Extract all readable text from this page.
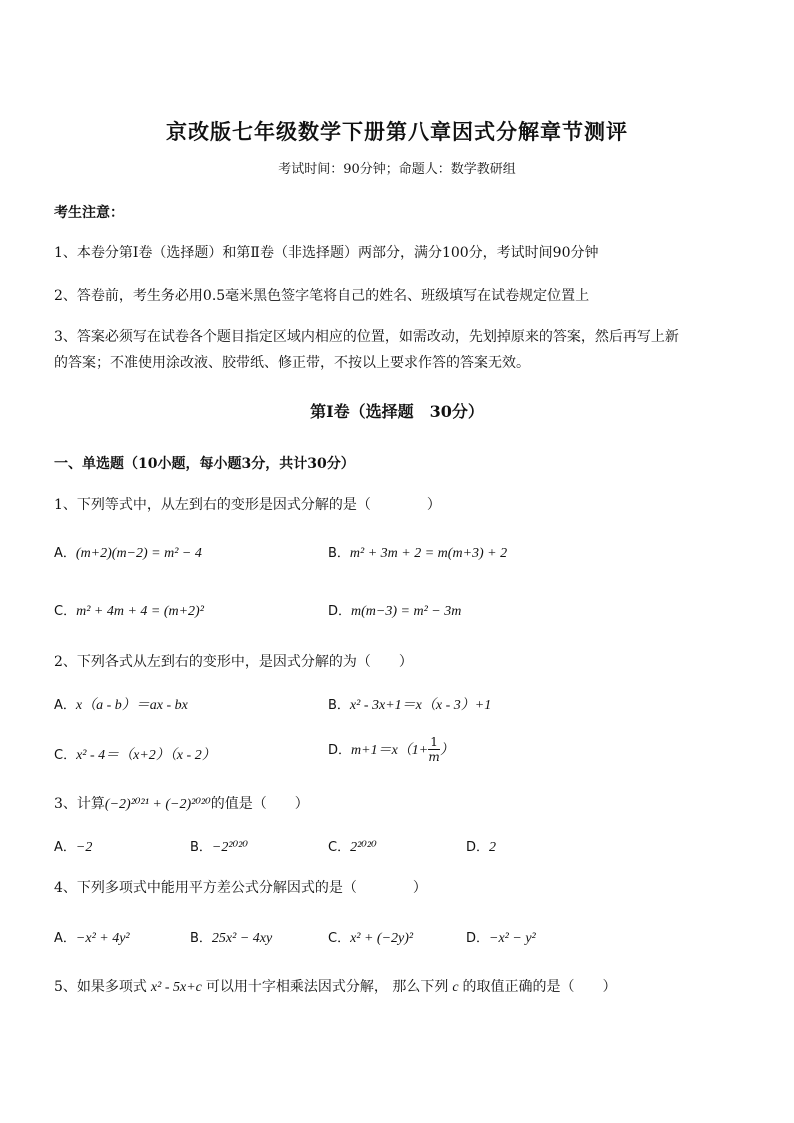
京改版七年级数学下册第八章因式分解章节测评
考试时间：90分钟；命题人：数学教研组
考生注意：
1、本卷分第Ⅰ卷（选择题）和第Ⅱ卷（非选择题）两部分，满分100分，考试时间90分钟
2、答卷前，考生务必用0.5毫米黑色签字笔将自己的姓名、班级填写在试卷规定位置上
3、答案必须写在试卷各个题目指定区域内相应的位置，如需改动，先划掉原来的答案，然后再写上新
的答案；不准使用涂改液、胶带纸、修正带，不按以上要求作答的答案无效。
第Ⅰ卷（选择题　30分）
一、单选题（10小题，每小题3分，共计30分）
1、下列等式中，从左到右的变形是因式分解的是（　　　　）
A．(m+2)(m−2) = m² − 4	B．m² + 3m + 2 = m(m+3) + 2
C．m² + 4m + 4 = (m+2)²	D．m(m−3) = m² − 3m
2、下列各式从左到右的变形中，是因式分解的为（　　）
A．x（a - b）＝ax - bx	B．x² - 3x+1＝x（x - 3）+1
C．x² - 4＝（x+2）（x - 2）	D．$m+1=x(1+ \frac{1}{m}$ ）
3、计算(−2)²⁰²¹ + (−2)²⁰²⁰的值是（　　）
A．−2	B．−2²⁰²⁰	C．2²⁰²⁰	D．2
4、下列多项式中能用平方差公式分解因式的是（　　　　）
A．−x² + 4y²	B．25x² − 4xy	C．x² + (−2y)²	D．−x² − y²
5、如果多项式 x² - 5x+c 可以用十字相乘法因式分解， 那么下列 c 的取值正确的是（　　）
